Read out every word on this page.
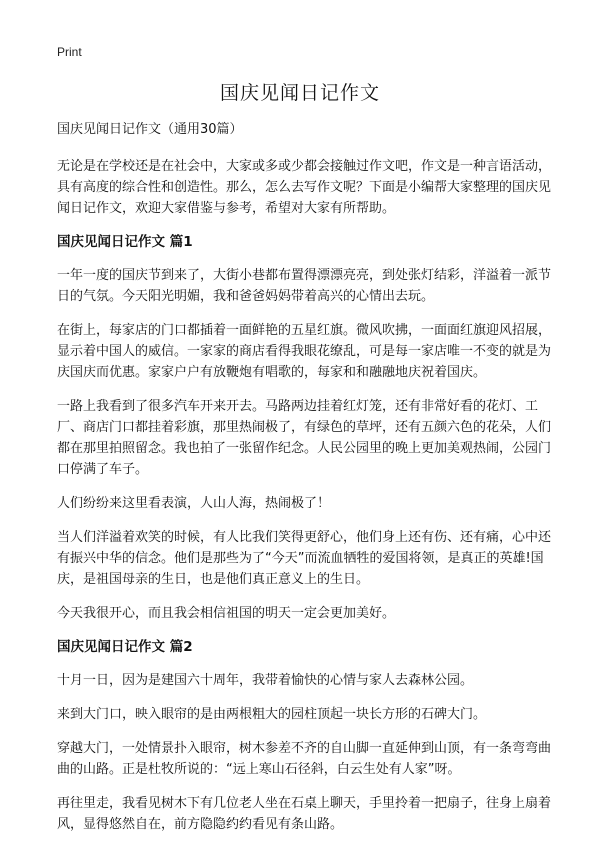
Print
国庆见闻日记作文
国庆见闻日记作文（通用30篇）

无论是在学校还是在社会中，大家或多或少都会接触过作文吧，作文是一种言语活动，具有高度的综合性和创造性。那么，怎么去写作文呢？下面是小编帮大家整理的国庆见闻日记作文，欢迎大家借鉴与参考，希望对大家有所帮助。

国庆见闻日记作文 篇1

一年一度的国庆节到来了，大街小巷都布置得漂漂亮亮，到处张灯结彩，洋溢着一派节日的气氛。今天阳光明媚，我和爸爸妈妈带着高兴的心情出去玩。

在街上，每家店的门口都插着一面鲜艳的五星红旗。微风吹拂，一面面红旗迎风招展，显示着中国人的威信。一家家的商店看得我眼花缭乱，可是每一家店唯一不变的就是为庆国庆而优惠。家家户户有放鞭炮有唱歌的，每家和和融融地庆祝着国庆。

一路上我看到了很多汽车开来开去。马路两边挂着红灯笼，还有非常好看的花灯、工厂、商店门口都挂着彩旗，那里热闹极了，有绿色的草坪，还有五颜六色的花朵，人们都在那里拍照留念。我也拍了一张留作纪念。人民公园里的晚上更加美观热闹，公园门口停满了车子。

人们纷纷来这里看表演，人山人海，热闹极了！

当人们洋溢着欢笑的时候，有人比我们笑得更舒心，他们身上还有伤、还有痛，心中还有振兴中华的信念。他们是那些为了“今天”而流血牺牲的爱国将领，是真正的英雄!国庆，是祖国母亲的生日，也是他们真正意义上的生日。

今天我很开心，而且我会相信祖国的明天一定会更加美好。

国庆见闻日记作文 篇2

十月一日，因为是建国六十周年，我带着愉快的心情与家人去森林公园。

来到大门口，映入眼帘的是由两根粗大的园柱顶起一块长方形的石碑大门。

穿越大门，一处情景扑入眼帘，树木参差不齐的自山脚一直延伸到山顶，有一条弯弯曲曲的山路。正是杜牧所说的：“远上寒山石径斜，白云生处有人家”呀。

再往里走，我看见树木下有几位老人坐在石桌上聊天，手里拎着一把扇子，往身上扇着风，显得悠然自在，前方隐隐约约看见有条山路。
